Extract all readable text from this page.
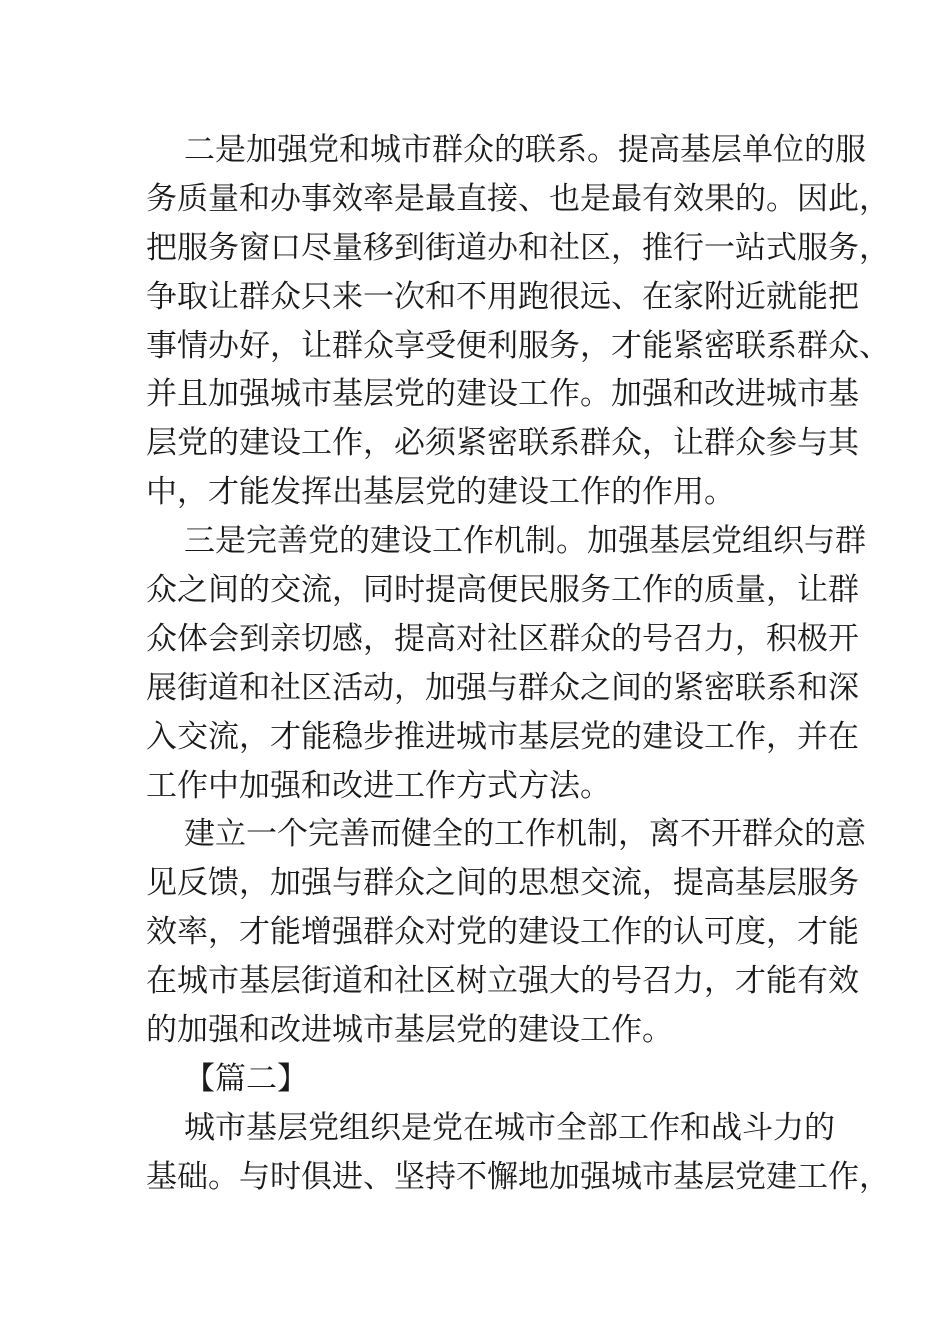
二是加强党和城市群众的联系。提高基层单位的服
务质量和办事效率是最直接、也是最有效果的。因此，
把服务窗口尽量移到街道办和社区，推行一站式服务，
争取让群众只来一次和不用跑很远、在家附近就能把
事情办好，让群众享受便利服务，才能紧密联系群众、
并且加强城市基层党的建设工作。加强和改进城市基
层党的建设工作，必须紧密联系群众，让群众参与其
中，才能发挥出基层党的建设工作的作用。
三是完善党的建设工作机制。加强基层党组织与群
众之间的交流，同时提高便民服务工作的质量，让群
众体会到亲切感，提高对社区群众的号召力，积极开
展街道和社区活动，加强与群众之间的紧密联系和深
入交流，才能稳步推进城市基层党的建设工作，并在
工作中加强和改进工作方式方法。
建立一个完善而健全的工作机制，离不开群众的意
见反馈，加强与群众之间的思想交流，提高基层服务
效率，才能增强群众对党的建设工作的认可度，才能
在城市基层街道和社区树立强大的号召力，才能有效
的加强和改进城市基层党的建设工作。
【篇二】
城市基层党组织是党在城市全部工作和战斗力的
基础。与时俱进、坚持不懈地加强城市基层党建工作，
